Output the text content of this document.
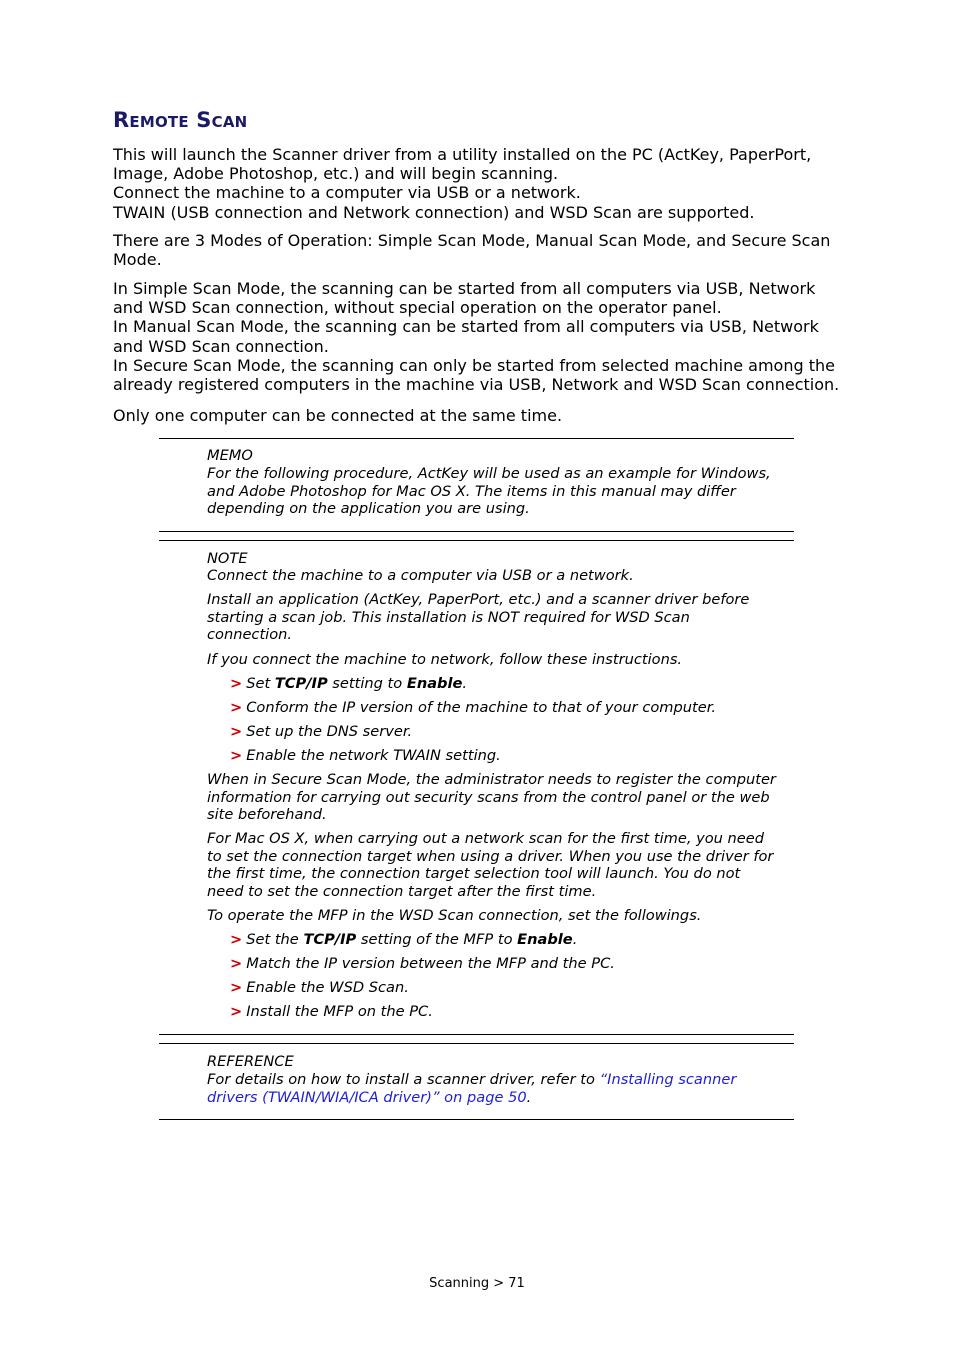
Remote Scan

This will launch the Scanner driver from a utility installed on the PC (ActKey, PaperPort,
Image, Adobe Photoshop, etc.) and will begin scanning.
Connect the machine to a computer via USB or a network.
TWAIN (USB connection and Network connection) and WSD Scan are supported.

There are 3 Modes of Operation: Simple Scan Mode, Manual Scan Mode, and Secure Scan
Mode.

In Simple Scan Mode, the scanning can be started from all computers via USB, Network
and WSD Scan connection, without special operation on the operator panel.
In Manual Scan Mode, the scanning can be started from all computers via USB, Network
and WSD Scan connection.
In Secure Scan Mode, the scanning can only be started from selected machine among the
already registered computers in the machine via USB, Network and WSD Scan connection.

Only one computer can be connected at the same time.

MEMO

For the following procedure, ActKey will be used as an example for Windows,
and Adobe Photoshop for Mac OS X. The items in this manual may differ
depending on the application you are using.

NOTE

Connect the machine to a computer via USB or a network.

Install an application (ActKey, PaperPort, etc.) and a scanner driver before
starting a scan job. This installation is NOT required for WSD Scan
connection.

If you connect the machine to network, follow these instructions.

> Set TCP/IP setting to Enable.

> Conform the IP version of the machine to that of your computer.

> Set up the DNS server.

> Enable the network TWAIN setting.

When in Secure Scan Mode, the administrator needs to register the computer
information for carrying out security scans from the control panel or the web
site beforehand.

For Mac OS X, when carrying out a network scan for the first time, you need
to set the connection target when using a driver. When you use the driver for
the first time, the connection target selection tool will launch. You do not
need to set the connection target after the first time.

To operate the MFP in the WSD Scan connection, set the followings.

> Set the TCP/IP setting of the MFP to Enable.

> Match the IP version between the MFP and the PC.

> Enable the WSD Scan.

> Install the MFP on the PC.

REFERENCE

For details on how to install a scanner driver, refer to “Installing scanner
drivers (TWAIN/WIA/ICA driver)” on page 50.

Scanning > 71
